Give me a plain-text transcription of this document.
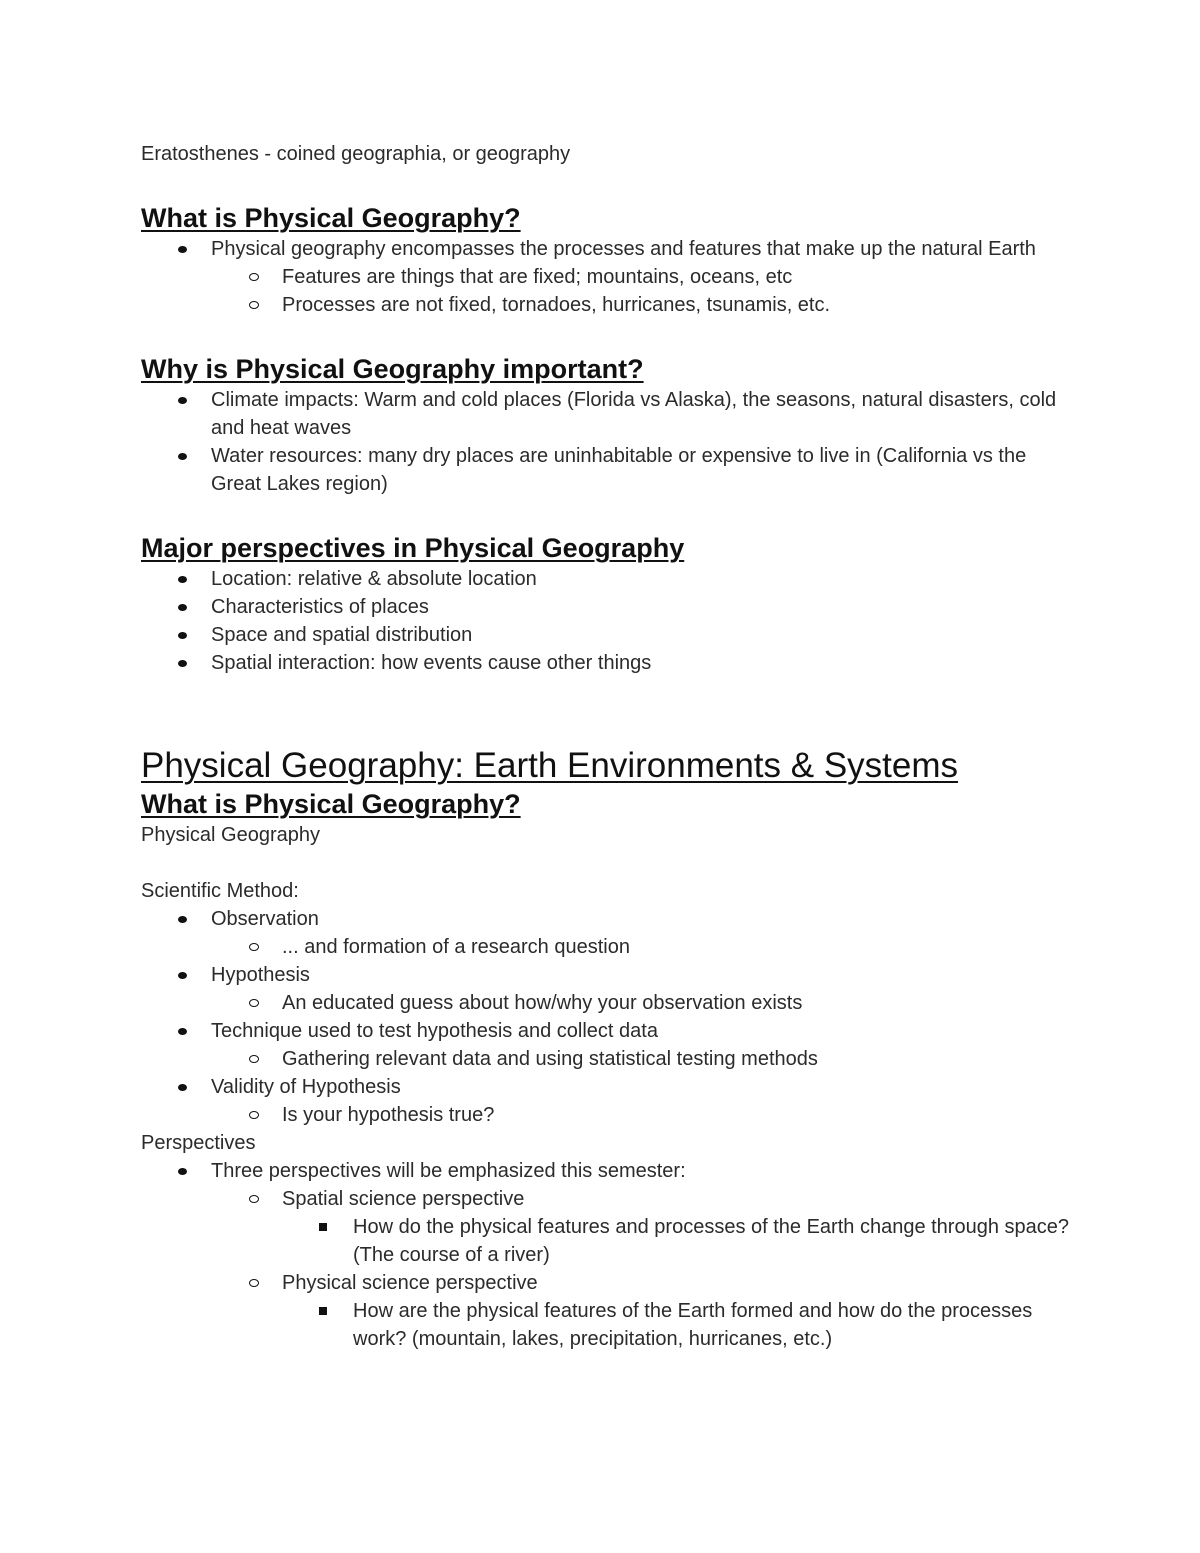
Eratosthenes - coined geographia, or geography

What is Physical Geography?
Physical geography encompasses the processes and features that make up the natural Earth
Features are things that are fixed; mountains, oceans, etc
Processes are not fixed, tornadoes, hurricanes, tsunamis, etc.
Why is Physical Geography important?
Climate impacts: Warm and cold places (Florida vs Alaska), the seasons, natural disasters, cold and heat waves
Water resources: many dry places are uninhabitable or expensive to live in (California vs the Great Lakes region)
Major perspectives in Physical Geography
Location: relative & absolute location
Characteristics of places
Space and spatial distribution
Spatial interaction: how events cause other things
Physical Geography: Earth Environments & Systems
What is Physical Geography?

Physical Geography

Scientific Method:

Observation
... and formation of a research question
Hypothesis
An educated guess about how/why your observation exists
Technique used to test hypothesis and collect data
Gathering relevant data and using statistical testing methods
Validity of Hypothesis
Is your hypothesis true?

Perspectives

Three perspectives will be emphasized this semester:
Spatial science perspective
How do the physical features and processes of the Earth change through space? (The course of a river)
Physical science perspective
How are the physical features of the Earth formed and how do the processes work? (mountain, lakes, precipitation, hurricanes, etc.)
